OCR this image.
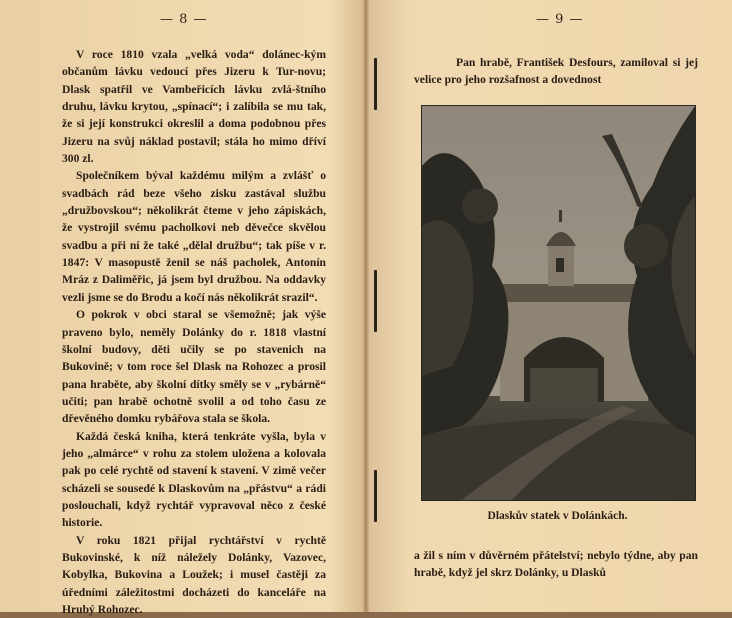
— 8 —

V roce 1810 vzala „velká voda“ dolánec-kým občanům lávku vedoucí přes Jizeru k Tur-novu; Dlask spatřil ve Vambeřicích lávku zvlá-štního druhu, lávku krytou, „spínací“; i zalíbila se mu tak, že si její konstrukci okreslil a doma podobnou přes Jizeru na svůj náklad postavil; stála ho mimo dříví 300 zl.

Společníkem býval každému milým a zvlášť o svadbách rád beze všeho zisku zastával službu „družbovskou“; několikrát čteme v jeho zápiskách, že vystrojil svému pacholkovi neb děvečce skvělou svadbu a při ní že také „dělal družbu“; tak píše v r. 1847: V masopustě ženil se náš pacholek, Antonín Mráz z Daliměřic, já jsem byl družbou. Na oddavky vezli jsme se do Brodu a kočí nás několikrát srazil“.

O pokrok v obci staral se všemožně; jak výše praveno bylo, neměly Dolánky do r. 1818 vlastní školní budovy, děti učily se po stavenich na Bukovině; v tom roce šel Dlask na Rohozec a prosil pana hraběte, aby školní dítky směly se v „rybárně“ učiti; pan hrabě ochotně svolil a od toho času ze dřevěného domku rybářova stala se škola.

Každá česká kniha, která tenkráte vyšla, byla v jeho „almárce“ v rohu za stolem uložena a kolovala pak po celé rychtě od stavení k stavení. V zimě večer scházeli se sousedé k Dlaskovům na „přástvu“ a rádi poslouchali, když rychtář vypravoval něco z české historie.

V roku 1821 přijal rychtářství v rychtě Bukovinské, k níž náležely Dolánky, Vazovec, Kobylka, Bukovina a Loužek; i musel častěji za úředními záležitostmi docházeti do kanceláře na Hrubý Rohozec.

— 9 —

Pan hrabě, František Desfours, zamiloval si jej velice pro jeho rozšafnost a dovednost

Dlaskův statek v Dolánkách.

a žil s ním v důvěrném přátelství; nebylo týdne, aby pan hrabě, když jel skrz Dolánky, u Dlasků
